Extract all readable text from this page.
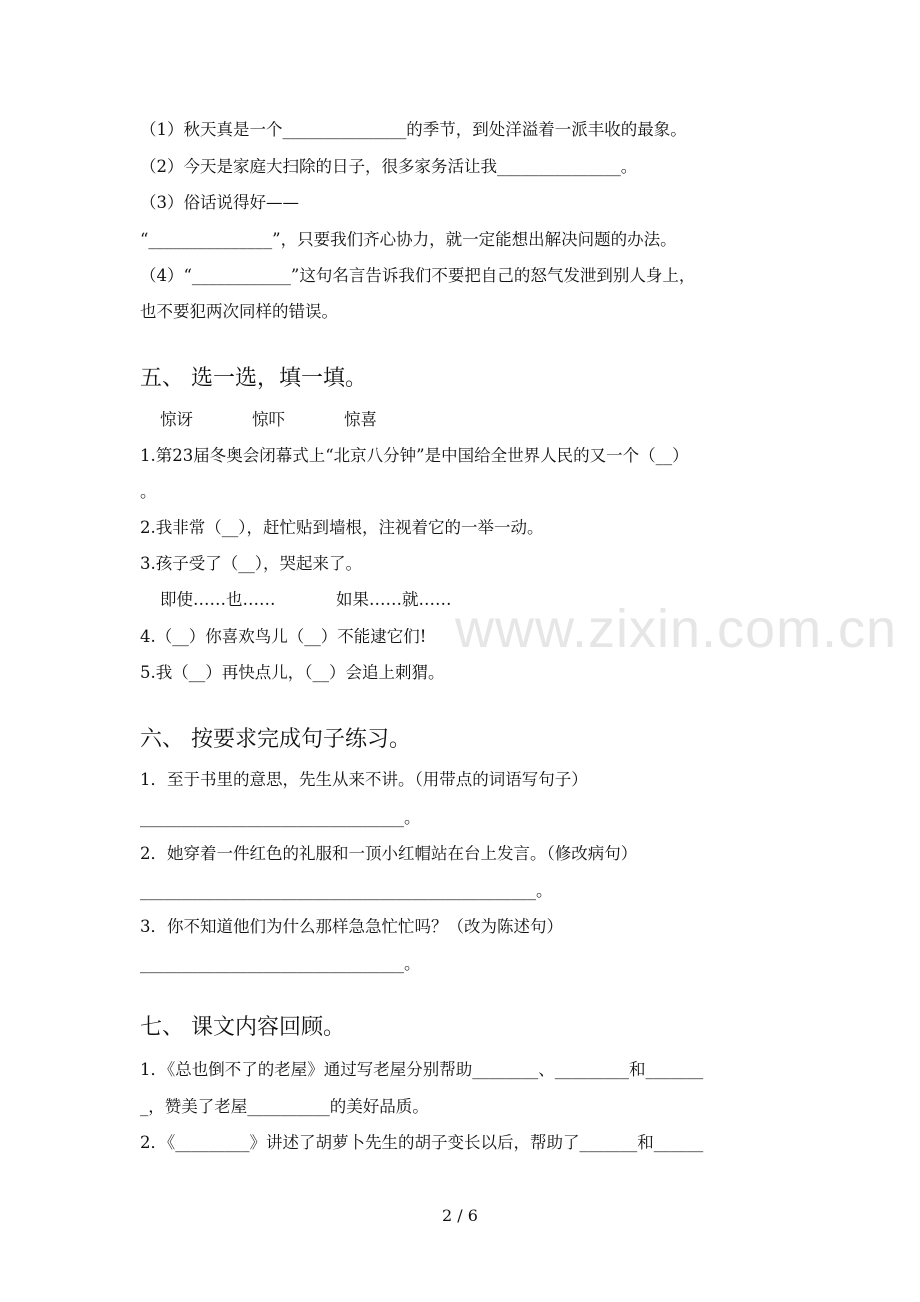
www.zixin.com.cn
（1）秋天真是一个_______________的季节，到处洋溢着一派丰收的最象。
（2）今天是家庭大扫除的日子，很多家务活让我_______________。
（3）俗话说得好——
“_______________”，只要我们齐心协力，就一定能想出解决问题的办法。
（4）“____________”这句名言告诉我们不要把自己的怒气发泄到别人身上，
也不要犯两次同样的错误。
五、 选一选，填一填。
惊讶	惊吓	惊喜
1.第23届冬奥会闭幕式上“北京八分钟”是中国给全世界人民的又一个（__）
。
2.我非常（__），赶忙贴到墙根，注视着它的一举一动。
3.孩子受了（__），哭起来了。
即使……也……	如果……就……
4.（__）你喜欢鸟儿（__）不能逮它们!
5.我（__）再快点儿，（__）会追上刺猬。
六、 按要求完成句子练习。
1．至于书里的意思，先生从来不讲。（用带点的词语写句子）
________________________________。
2．她穿着一件红色的礼服和一顶小红帽站在台上发言。（修改病句）
________________________________________________。
3．你不知道他们为什么那样急急忙忙吗？（改为陈述句）
________________________________。
七、 课文内容回顾。
1．《总也倒不了的老屋》通过写老屋分别帮助________、_________和_______
_，赞美了老屋__________的美好品质。
2．《_________》讲述了胡萝卜先生的胡子变长以后，帮助了_______和______
2 / 6
